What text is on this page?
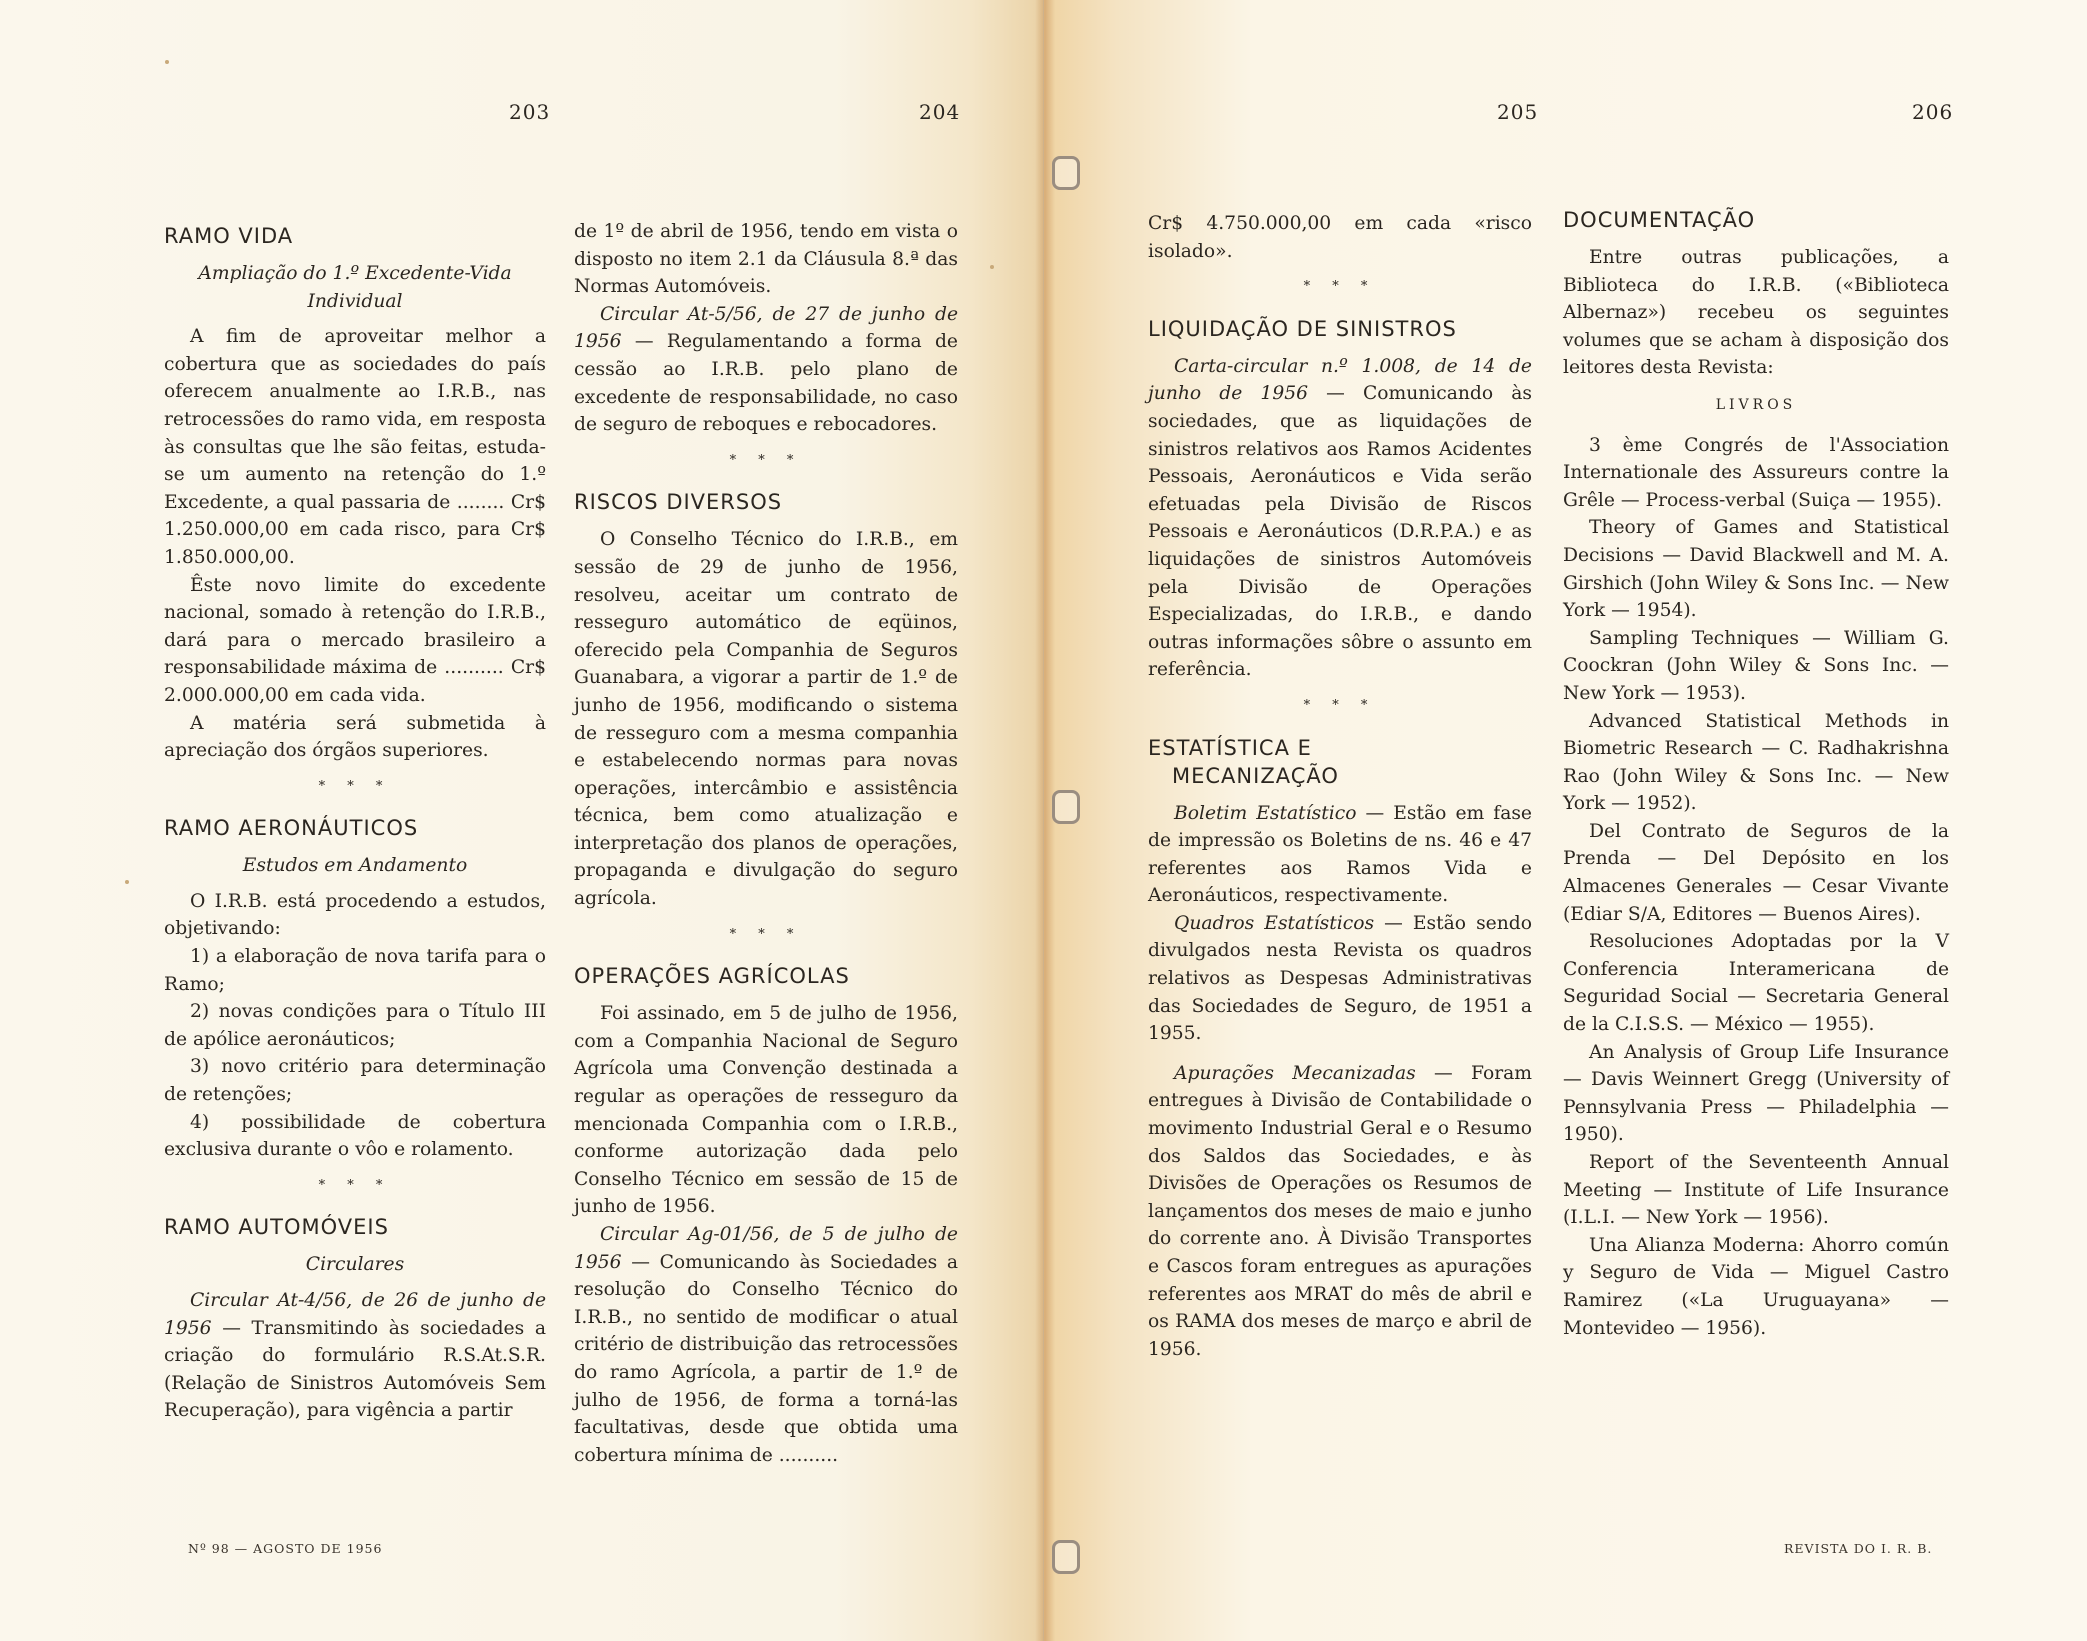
203	204	205	206
RAMO VIDA
Ampliação do 1.º Excedente-Vida Individual

A fim de aproveitar melhor a cobertura que as sociedades do país oferecem anualmente ao I.R.B., nas retrocessões do ramo vida, em resposta às consultas que lhe são feitas, estuda-se um aumento na retenção do 1.º Excedente, a qual passaria de ........ Cr$ 1.250.000,00 em cada risco, para Cr$ 1.850.000,00.

Êste novo limite do excedente nacional, somado à retenção do I.R.B., dará para o mercado brasileiro a responsabilidade máxima de .......... Cr$ 2.000.000,00 em cada vida.

A matéria será submetida à apreciação dos órgãos superiores.

* * *
RAMO AERONÁUTICOS
Estudos em Andamento

O I.R.B. está procedendo a estudos, objetivando:

1) a elaboração de nova tarifa para o Ramo;

2) novas condições para o Título III de apólice aeronáuticos;

3) novo critério para determinação de retenções;

4) possibilidade de cobertura exclusiva durante o vôo e rolamento.

* * *
RAMO AUTOMÓVEIS
Circulares

Circular At-4/56, de 26 de junho de 1956 — Transmitindo às sociedades a criação do formulário R.S.At.S.R. (Relação de Sinistros Automóveis Sem Recuperação), para vigência a partir

de 1º de abril de 1956, tendo em vista o disposto no item 2.1 da Cláusula 8.ª das Normas Automóveis.

Circular At-5/56, de 27 de junho de 1956 — Regulamentando a forma de cessão ao I.R.B. pelo plano de excedente de responsabilidade, no caso de seguro de reboques e rebocadores.

* * *
RISCOS DIVERSOS

O Conselho Técnico do I.R.B., em sessão de 29 de junho de 1956, resolveu, aceitar um contrato de resseguro automático de eqüinos, oferecido pela Companhia de Seguros Guanabara, a vigorar a partir de 1.º de junho de 1956, modificando o sistema de resseguro com a mesma companhia e estabelecendo normas para novas operações, intercâmbio e assistência técnica, bem como atualização e interpretação dos planos de operações, propaganda e divulgação do seguro agrícola.

* * *
OPERAÇÕES AGRÍCOLAS

Foi assinado, em 5 de julho de 1956, com a Companhia Nacional de Seguro Agrícola uma Convenção destinada a regular as operações de resseguro da mencionada Companhia com o I.R.B., conforme autorização dada pelo Conselho Técnico em sessão de 15 de junho de 1956.

Circular Ag-01/56, de 5 de julho de 1956 — Comunicando às Sociedades a resolução do Conselho Técnico do I.R.B., no sentido de modificar o atual critério de distribuição das retrocessões do ramo Agrícola, a partir de 1.º de julho de 1956, de forma a torná-las facultativas, desde que obtida uma cobertura mínima de ..........

Cr$ 4.750.000,00 em cada «risco isolado».

* * *
LIQUIDAÇÃO DE SINISTROS

Carta-circular n.º 1.008, de 14 de junho de 1956 — Comunicando às sociedades, que as liquidações de sinistros relativos aos Ramos Acidentes Pessoais, Aeronáuticos e Vida serão efetuadas pela Divisão de Riscos Pessoais e Aeronáuticos (D.R.P.A.) e as liquidações de sinistros Automóveis pela Divisão de Operações Especializadas, do I.R.B., e dando outras informações sôbre o assunto em referência.

* * *
ESTATÍSTICA E
MECANIZAÇÃO

Boletim Estatístico — Estão em fase de impressão os Boletins de ns. 46 e 47 referentes aos Ramos Vida e Aeronáuticos, respectivamente.

Quadros Estatísticos — Estão sendo divulgados nesta Revista os quadros relativos as Despesas Administrativas das Sociedades de Seguro, de 1951 a 1955.

Apurações Mecanizadas — Foram entregues à Divisão de Contabilidade o movimento Industrial Geral e o Resumo dos Saldos das Sociedades, e às Divisões de Operações os Resumos de lançamentos dos meses de maio e junho do corrente ano. À Divisão Transportes e Cascos foram entregues as apurações referentes aos MRAT do mês de abril e os RAMA dos meses de março e abril de 1956.

DOCUMENTAÇÃO

Entre outras publicações, a Biblioteca do I.R.B. («Biblioteca Albernaz») recebeu os seguintes volumes que se acham à disposição dos leitores desta Revista:

LIVROS

3 ème Congrés de l'Association Internationale des Assureurs contre la Grêle — Process-verbal (Suiça — 1955).

Theory of Games and Statistical Decisions — David Blackwell and M. A. Girshich (John Wiley & Sons Inc. — New York — 1954).

Sampling Techniques — William G. Coockran (John Wiley & Sons Inc. — New York — 1953).

Advanced Statistical Methods in Biometric Research — C. Radhakrishna Rao (John Wiley & Sons Inc. — New York — 1952).

Del Contrato de Seguros de la Prenda — Del Depósito en los Almacenes Generales — Cesar Vivante (Ediar S/A, Editores — Buenos Aires).

Resoluciones Adoptadas por la V Conferencia Interamericana de Seguridad Social — Secretaria General de la C.I.S.S. — México — 1955).

An Analysis of Group Life Insurance — Davis Weinnert Gregg (University of Pennsylvania Press — Philadelphia — 1950).

Report of the Seventeenth Annual Meeting — Institute of Life Insurance (I.L.I. — New York — 1956).

Una Alianza Moderna: Ahorro común y Seguro de Vida — Miguel Castro Ramirez («La Uruguayana» — Montevideo — 1956).

Nº 98 — AGOSTO DE 1956	REVISTA DO I. R. B.
